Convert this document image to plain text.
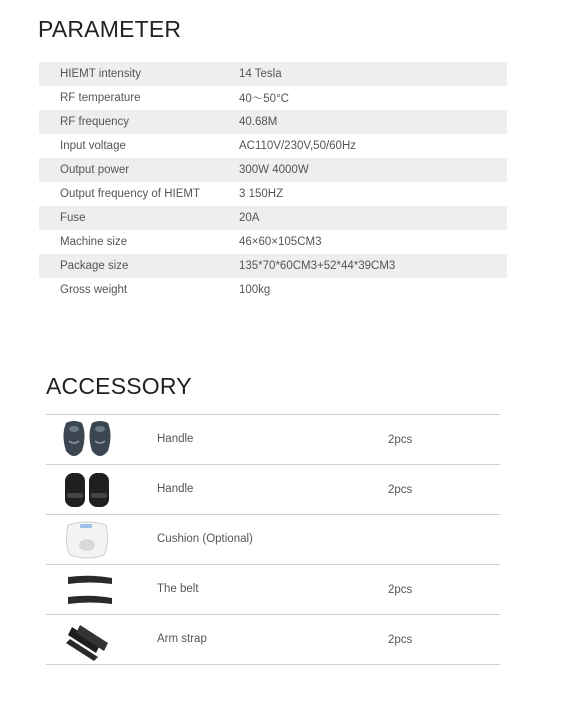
PARAMETER
HIEMT intensity	14 Tesla
RF temperature	40～50°C
RF frequency	40.68M
Input voltage	AC110V/230V,50/60Hz
Output power	300W 4000W
Output frequency of HIEMT	3 150HZ
Fuse	20A
Machine size	46×60×105CM3
Package size	135*70*60CM3+52*44*39CM3
Gross weight	100kg
ACCESSORY
Handle	2pcs
Handle	2pcs
Cushion (Optional)
The belt	2pcs
Arm strap	2pcs
